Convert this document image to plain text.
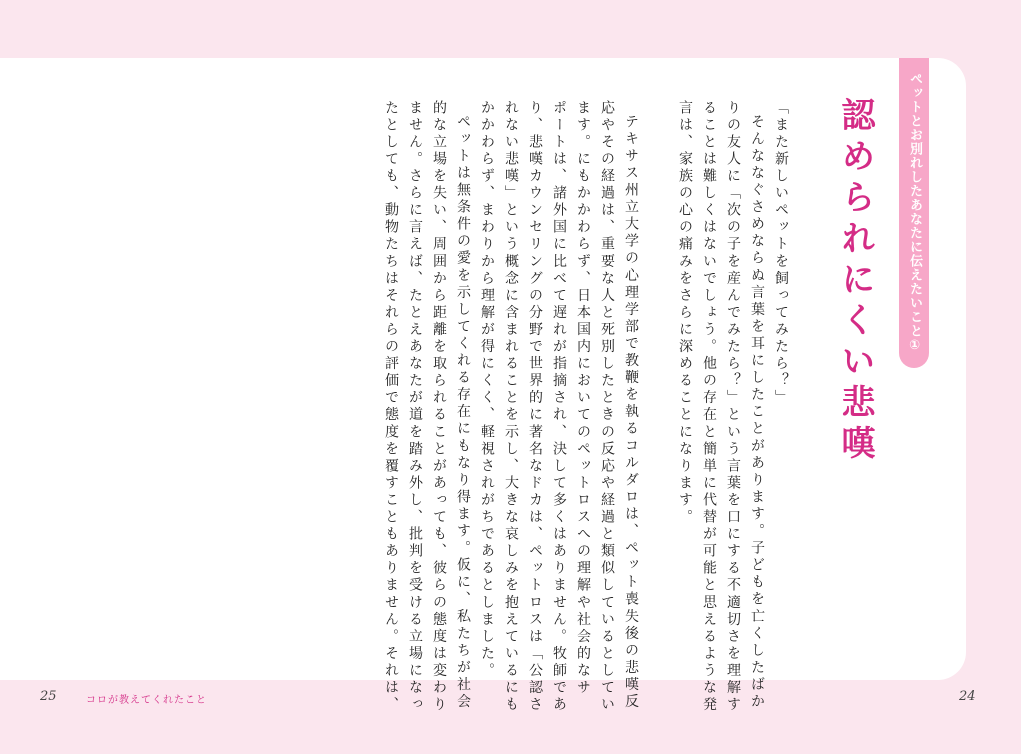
ペットとお別れしたあなたに伝えたいこと①
認められにくい悲嘆
「また新しいペットを飼ってみたら？」
そんななぐさめならぬ言葉を耳にしたことがあります。子どもを亡くしたばか
りの友人に「次の子を産んでみたら？」という言葉を口にする不適切さを理解す
ることは難しくはないでしょう。他の存在と簡単に代替が可能と思えるような発
言は、家族の心の痛みをさらに深めることになります。
テキサス州立大学の心理学部で教鞭を執るコルダロは、ペット喪失後の悲嘆反
応やその経過は、重要な人と死別したときの反応や経過と類似しているとしてい
ます。にもかかわらず、日本国内においてのペットロスへの理解や社会的なサ
ポートは、諸外国に比べて遅れが指摘され、決して多くはありません。牧師であ
り、悲嘆カウンセリングの分野で世界的に著名なドカは、ペットロスは「公認さ
れない悲嘆」という概念に含まれることを示し、大きな哀しみを抱えているにも
かかわらず、まわりから理解が得にくく、軽視されがちであるとしました。
ペットは無条件の愛を示してくれる存在にもなり得ます。仮に、私たちが社会
的な立場を失い、周囲から距離を取られることがあっても、彼らの態度は変わり
ません。さらに言えば、たとえあなたが道を踏み外し、批判を受ける立場になっ
たとしても、動物たちはそれらの評価で態度を覆すこともありません。それは、
25	コロが教えてくれたこと	24
